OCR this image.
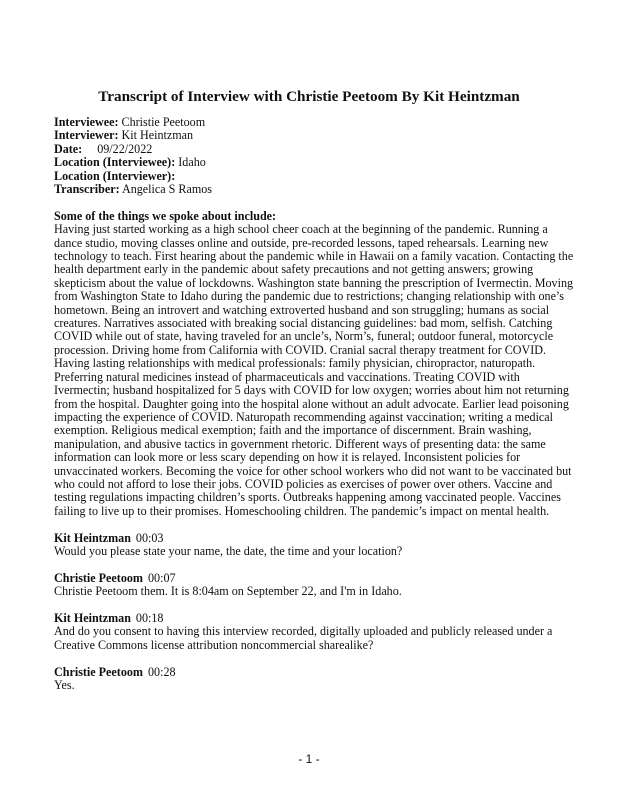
Transcript of Interview with Christie Peetoom By Kit Heintzman
Interviewee: Christie Peetoom
Interviewer: Kit Heintzman
Date: 09/22/2022
Location (Interviewee): Idaho
Location (Interviewer):
Transcriber: Angelica S Ramos
Some of the things we spoke about include:
Having just started working as a high school cheer coach at the beginning of the pandemic. Running a dance studio, moving classes online and outside, pre-recorded lessons, taped rehearsals. Learning new technology to teach. First hearing about the pandemic while in Hawaii on a family vacation. Contacting the health department early in the pandemic about safety precautions and not getting answers; growing skepticism about the value of lockdowns. Washington state banning the prescription of Ivermectin. Moving from Washington State to Idaho during the pandemic due to restrictions; changing relationship with one’s hometown. Being an introvert and watching extroverted husband and son struggling; humans as social creatures. Narratives associated with breaking social distancing guidelines: bad mom, selfish. Catching COVID while out of state, having traveled for an uncle’s, Norm’s, funeral; outdoor funeral, motorcycle procession. Driving home from California with COVID. Cranial sacral therapy treatment for COVID. Having lasting relationships with medical professionals: family physician, chiropractor, naturopath. Preferring natural medicines instead of pharmaceuticals and vaccinations. Treating COVID with Ivermectin; husband hospitalized for 5 days with COVID for low oxygen; worries about him not returning from the hospital. Daughter going into the hospital alone without an adult advocate. Earlier lead poisoning impacting the experience of COVID. Naturopath recommending against vaccination; writing a medical exemption. Religious medical exemption; faith and the importance of discernment. Brain washing, manipulation, and abusive tactics in government rhetoric. Different ways of presenting data: the same information can look more or less scary depending on how it is relayed. Inconsistent policies for unvaccinated workers. Becoming the voice for other school workers who did not want to be vaccinated but who could not afford to lose their jobs. COVID policies as exercises of power over others. Vaccine and testing regulations impacting children’s sports. Outbreaks happening among vaccinated people. Vaccines failing to live up to their promises. Homeschooling children. The pandemic’s impact on mental health.
Kit Heintzman 00:03
Would you please state your name, the date, the time and your location?
Christie Peetoom 00:07
Christie Peetoom them. It is 8:04am on September 22, and I'm in Idaho.
Kit Heintzman 00:18
And do you consent to having this interview recorded, digitally uploaded and publicly released under a Creative Commons license attribution noncommercial sharealike?
Christie Peetoom 00:28
Yes.
- 1 -
